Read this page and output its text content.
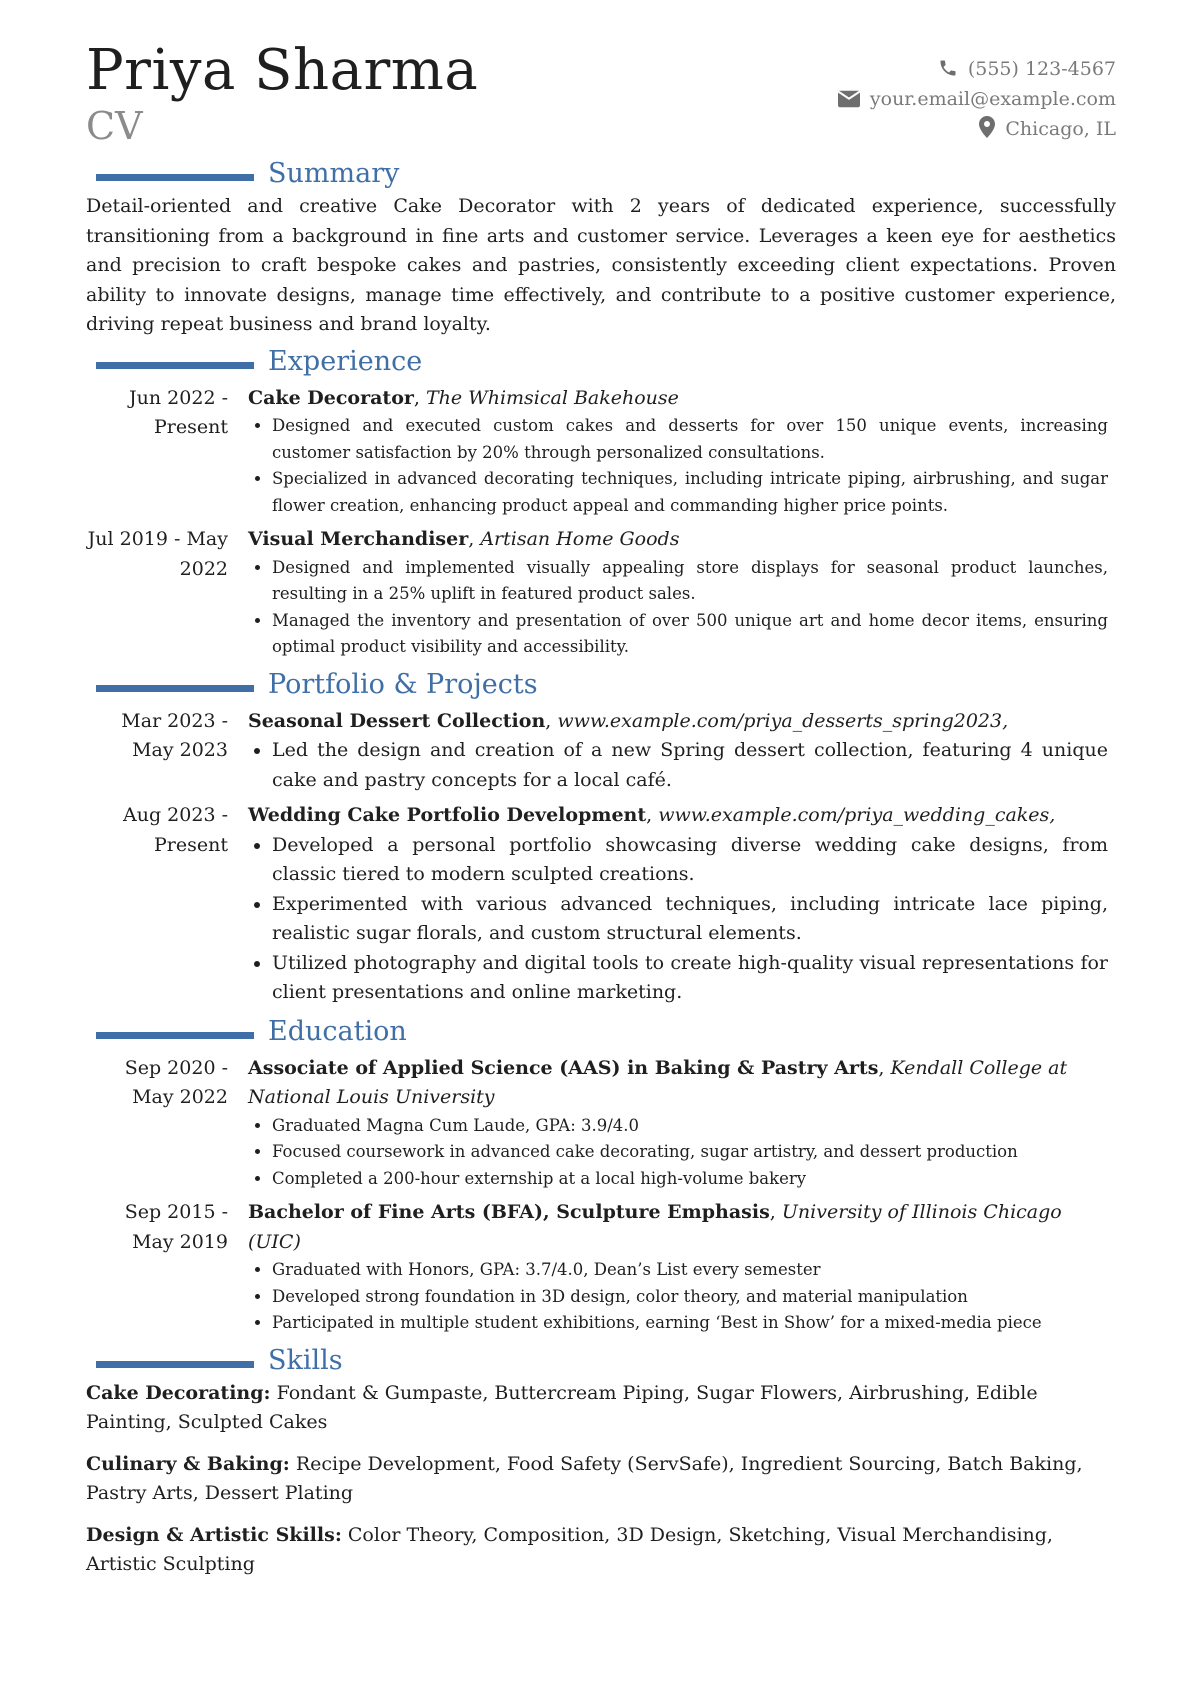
Priya Sharma
CV
(555) 123-4567
your.email@example.com
Chicago, IL
Summary

Detail-oriented and creative Cake Decorator with 2 years of dedicated experience, successfully transitioning from a background in fine arts and customer service. Leverages a keen eye for aesthetics and precision to craft bespoke cakes and pastries, consistently exceeding client expectations. Proven ability to innovate designs, manage time effectively, and contribute to a positive customer experience, driving repeat business and brand loyalty.

Experience
Jun 2022 - Present
Cake Decorator, The Whimsical Bakehouse
• Designed and executed custom cakes and desserts for over 150 unique events, increasing customer satisfaction by 20% through personalized consultations.
• Specialized in advanced decorating techniques, including intricate piping, airbrushing, and sugar flower creation, enhancing product appeal and commanding higher price points.
Jul 2019 - May 2022
Visual Merchandiser, Artisan Home Goods
• Designed and implemented visually appealing store displays for seasonal product launches, resulting in a 25% uplift in featured product sales.
• Managed the inventory and presentation of over 500 unique art and home decor items, ensuring optimal product visibility and accessibility.
Portfolio & Projects
Mar 2023 - May 2023
Seasonal Dessert Collection, www.example.com/priya_desserts_spring2023,
• Led the design and creation of a new Spring dessert collection, featuring 4 unique cake and pastry concepts for a local café.
Aug 2023 - Present
Wedding Cake Portfolio Development, www.example.com/priya_wedding_cakes,
• Developed a personal portfolio showcasing diverse wedding cake designs, from classic tiered to modern sculpted creations.
• Experimented with various advanced techniques, including intricate lace piping, realistic sugar florals, and custom structural elements.
• Utilized photography and digital tools to create high-quality visual representations for client presentations and online marketing.
Education
Sep 2020 - May 2022
Associate of Applied Science (AAS) in Baking & Pastry Arts, Kendall College at National Louis University
• Graduated Magna Cum Laude, GPA: 3.9/4.0
• Focused coursework in advanced cake decorating, sugar artistry, and dessert production
• Completed a 200-hour externship at a local high-volume bakery
Sep 2015 - May 2019
Bachelor of Fine Arts (BFA), Sculpture Emphasis, University of Illinois Chicago (UIC)
• Graduated with Honors, GPA: 3.7/4.0, Dean’s List every semester
• Developed strong foundation in 3D design, color theory, and material manipulation
• Participated in multiple student exhibitions, earning ‘Best in Show’ for a mixed-media piece
Skills

Cake Decorating: Fondant & Gumpaste, Buttercream Piping, Sugar Flowers, Airbrushing, Edible Painting, Sculpted Cakes

Culinary & Baking: Recipe Development, Food Safety (ServSafe), Ingredient Sourcing, Batch Baking, Pastry Arts, Dessert Plating

Design & Artistic Skills: Color Theory, Composition, 3D Design, Sketching, Visual Merchandising, Artistic Sculpting
